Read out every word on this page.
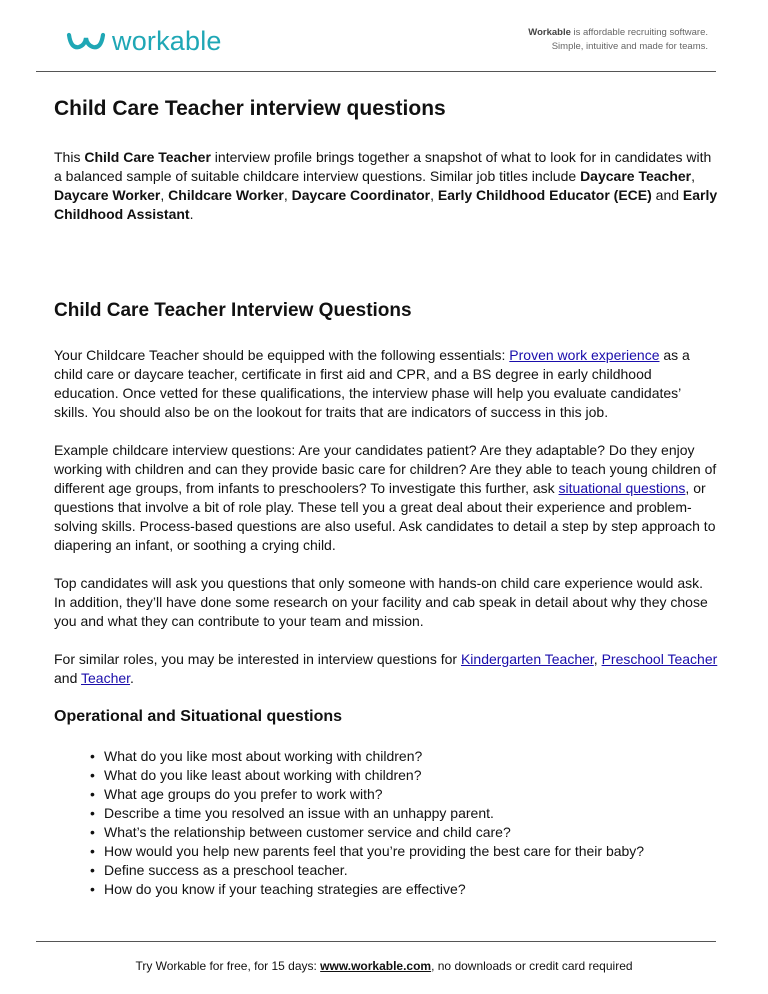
workable	Workable is affordable recruiting software.
Simple, intuitive and made for teams.
Child Care Teacher interview questions

This Child Care Teacher interview profile brings together a snapshot of what to look for in candidates with a balanced sample of suitable childcare interview questions. Similar job titles include Daycare Teacher, Daycare Worker, Childcare Worker, Daycare Coordinator, Early Childhood Educator (ECE) and Early Childhood Assistant.

Child Care Teacher Interview Questions

Your Childcare Teacher should be equipped with the following essentials: Proven work experience as a child care or daycare teacher, certificate in first aid and CPR, and a BS degree in early childhood education. Once vetted for these qualifications, the interview phase will help you evaluate candidates’ skills. You should also be on the lookout for traits that are indicators of success in this job.

Example childcare interview questions: Are your candidates patient? Are they adaptable? Do they enjoy working with children and can they provide basic care for children? Are they able to teach young children of different age groups, from infants to preschoolers? To investigate this further, ask situational questions, or questions that involve a bit of role play. These tell you a great deal about their experience and problem-solving skills. Process-based questions are also useful. Ask candidates to detail a step by step approach to diapering an infant, or soothing a crying child.

Top candidates will ask you questions that only someone with hands-on child care experience would ask. In addition, they’ll have done some research on your facility and cab speak in detail about why they chose you and what they can contribute to your team and mission.

For similar roles, you may be interested in interview questions for Kindergarten Teacher, Preschool Teacher and Teacher.

Operational and Situational questions
• What do you like most about working with children?
• What do you like least about working with children?
• What age groups do you prefer to work with?
• Describe a time you resolved an issue with an unhappy parent.
• What’s the relationship between customer service and child care?
• How would you help new parents feel that you’re providing the best care for their baby?
• Define success as a preschool teacher.
• How do you know if your teaching strategies are effective?
Try Workable for free, for 15 days: www.workable.com, no downloads or credit card required
